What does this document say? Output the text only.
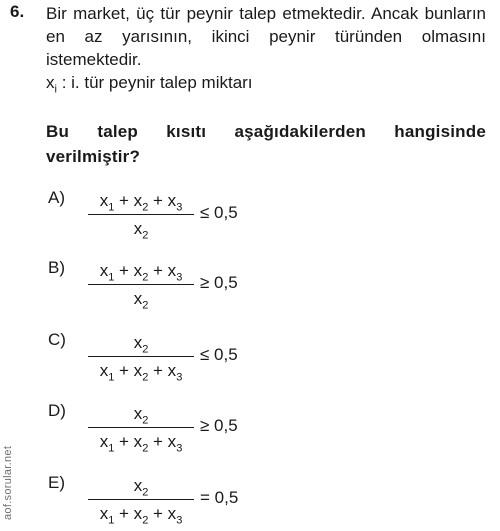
6. Bir market, üç tür peynir talep etmektedir. Ancak bunların en az yarısının, ikinci peynir türünden olmasını istemektedir.

$x_i$ : i. tür peynir talep miktarı
Bu talep kısıtı aşağıdakilerden hangisinde verilmiştir?
A)	$x_1 + x_2 + x_3$
$x_2$
≤ 0,5
B)	$x_1 + x_2 + x_3$
$x_2$
≥ 0,5
C)	$x_2$
$x_1 + x_2 + x_3$
≤ 0,5
D)	$x_2$
$x_1 + x_2 + x_3$
≥ 0,5
E)	$x_2$
$x_1 + x_2 + x_3$
= 0,5
aof.sorular.net
